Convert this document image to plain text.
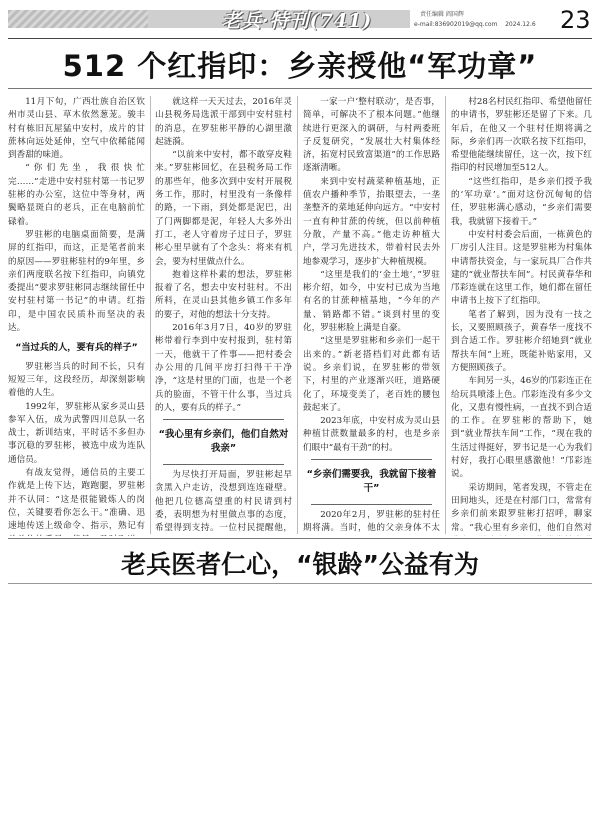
老兵·特刊(741)	责任编辑 阎国辉
e-mail:836902019@qq.com 2024.12.6 23
512 个红指印：乡亲授他“军功章”

11月下旬，广西壮族自治区钦州市灵山县、草木依然葱茏。骏丰村有栋旧瓦屋猛中安村，成片的甘蔗林向远处延伸，空气中依稀能闻到香甜的味道。

“你们先坐，我很快忙完……”走进中安村驻村第一书记罗驻彬的办公室，这位中等身材，两鬓略显斑白的老兵，正在电脑前忙碌着。

罗驻彬的电脑桌面简要，是满屏的红指印，而这，正是笔者前来的原因——罗驻彬驻村的9年里，乡亲们两度联名按下红指印，向镇党委提出“要求罗驻彬同志继续留任中安村驻村第一书记”的申请。红指印，是中国农民质朴而坚决的表达。

“当过兵的人，要有兵的样子”

罗驻彬当兵的时间不长，只有短短三年，这段经历，却深刻影响着他的人生。

1992年，罗驻彬从家乡灵山县参军入伍，成为武警四川总队一名战士，新训结束，平时话不多但办事沉稳的罗驻彬，被选中成为连队通信员。

有战友觉得，通信员的主要工作就是上传下达，跑跑腿，罗驻彬并不认同：“这是很能锻炼人的岗位，关键要看你怎么干。”准确、迅速地传送上级命令、指示，熟记有

就这样一天天过去，2016年灵山县税务局选派干部到中安村驻村的消息，在罗驻彬平静的心湖里激起涟漪。

“以前来中安村，都不敢穿皮鞋来。”罗驻彬回忆，在县税务局工作的那些年，他多次到中安村开展税务工作，那时，村里没有一条像样的路，一下雨，到处都是泥巴，出了门两脚都是泥，年轻人大多外出打工，老人守着房子过日子，罗驻彬心里早就有了个念头：将来有机会，要为村里做点什么。

抱着这样朴素的想法，罗驻彬报着了名，想去中安村驻村。不出所料，在灵山县其他乡镇工作多年的要子，对他的想法十分支持。

2016年3月7日，40岁的罗驻彬带着行李到中安村报到，驻村第一天，他就干了件事——把村委会办公用的几间平房打扫得干干净净，“这是村里的门面，也是一个老兵的脸面，不管干什么事，当过兵的人，要有兵的样子。”

“我心里有乡亲们，他们自然对我亲”

为尽快打开局面，罗驻彬起早贪黑入户走访，没想到连连碰壁。他把几位德高望重的村民请到村委，表明想为村里做点事的态度，希望得到支持。一位村民提醒他，

一家一户‘整村联动’，是否事，简单，可解决不了根本问题。”他继续进行更深入的调研，与村两委班子反复研究，“发展壮大村集体经济，拓宽村民致富渠道”的工作思路逐渐清晰。

来到中安村蔬菜种植基地，正值农户播种季节，抬眼望去，一垄垄整齐的菜地延伸向远方。“中安村一直有种甘蔗的传统，但以前种植分散，产量不高。”他走访种植大户，学习先进技术，带着村民去外地参观学习，逐步扩大种植规模。

“这里是我们的‘金土地’，”罗驻彬介绍，如今，中安村已成为当地有名的甘蔗种植基地，“今年的产量、销路都不错。”谈到村里的变化，罗驻彬脸上满是自豪。

“这里是罗驻彬和乡亲们一起干出来的。”新老搭档们对此都有话说。乡亲们说，在罗驻彬的带领下，村里的产业逐渐兴旺，道路硬化了，环境变美了，老百姓的腰包鼓起来了。

2023年底，中安村成为灵山县种植甘蔗数量最多的村，也是乡亲们眼中“最有干劲”的村。

“乡亲们需要我，我就留下接着干”

2020年2月，罗驻彬的驻村任期将满。当时，他的父亲身体不太

村28名村民红指印、希望他留任的申请书，罗驻彬还是留了下来。几年后，在他又一个驻村任期将满之际，乡亲们再一次联名按下红指印，希望他能继续留任，这一次，按下红指印的村民增加至512人。

“这些红指印，是乡亲们授予我的‘军功章’。”面对这份沉甸甸的信任，罗驻彬满心感动，“乡亲们需要我，我就留下接着干。”

中安村村委会后面，一栋黄色的厂房引人注目。这是罗驻彬为村集体申请帮扶资金，与一家玩具厂合作共建的“就业帮扶车间”。村民黄春华和邝彩连就在这里工作，她们都在留任申请书上按下了红指印。

笔者了解到，因为没有一技之长，又要照顾孩子，黄春华一度找不到合适工作。罗驻彬介绍她到“就业帮扶车间”上班，既能补贴家用，又方便照顾孩子。

车间另一头，46岁的邝彩连正在给玩具喷漆上色。邝彩连没有多少文化，又患有慢性病，一直找不到合适的工作。在罗驻彬的帮助下，她到“就业帮扶车间”工作，“现在我的生活过得挺好，罗书记是一心为我们村好，我打心眼里感激他！”邝彩连说。

采访期间，笔者发现，不管走在田间地头，还是在村部门口，常常有乡亲们前来跟罗驻彬打招呼，聊家常。“我心里有乡亲们，他们自然对

老兵医者仁心，“银龄”公益有为
